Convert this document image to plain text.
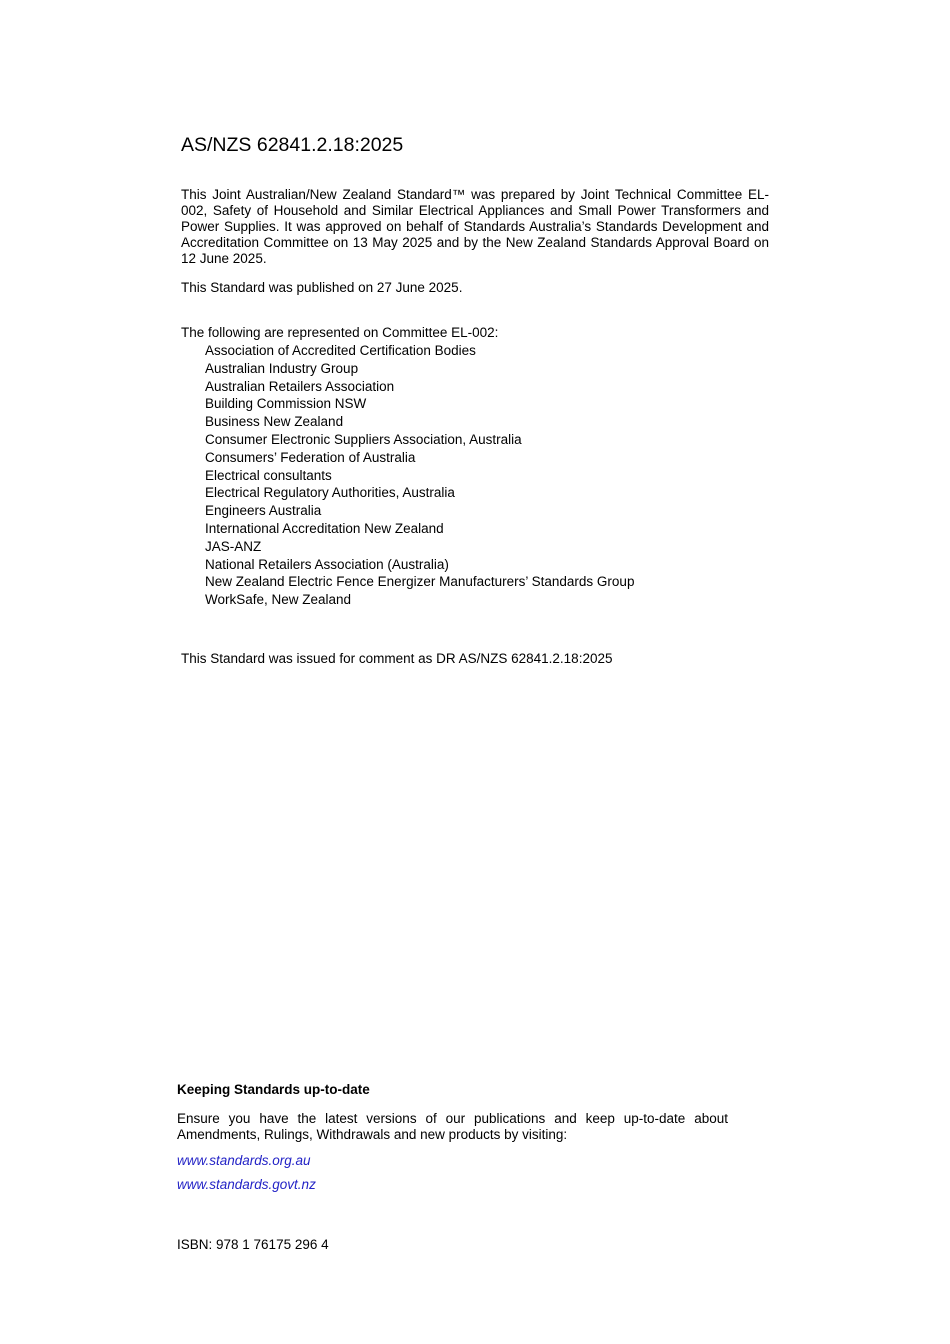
AS/NZS 62841.2.18:2025
This Joint Australian/New Zealand Standard™ was prepared by Joint Technical Committee EL-002, Safety of Household and Similar Electrical Appliances and Small Power Transformers and Power Supplies. It was approved on behalf of Standards Australia’s Standards Development and Accreditation Committee on 13 May 2025 and by the New Zealand Standards Approval Board on 12 June 2025.
This Standard was published on 27 June 2025.
The following are represented on Committee EL-002:
Association of Accredited Certification Bodies
Australian Industry Group
Australian Retailers Association
Building Commission NSW
Business New Zealand
Consumer Electronic Suppliers Association, Australia
Consumers’ Federation of Australia
Electrical consultants
Electrical Regulatory Authorities, Australia
Engineers Australia
International Accreditation New Zealand
JAS-ANZ
National Retailers Association (Australia)
New Zealand Electric Fence Energizer Manufacturers’ Standards Group
WorkSafe, New Zealand
This Standard was issued for comment as DR AS/NZS 62841.2.18:2025
Keeping Standards up-to-date
Ensure you have the latest versions of our publications and keep up-to-date about Amendments, Rulings, Withdrawals and new products by visiting:
www.standards.org.au
www.standards.govt.nz
ISBN: 978 1 76175 296 4
